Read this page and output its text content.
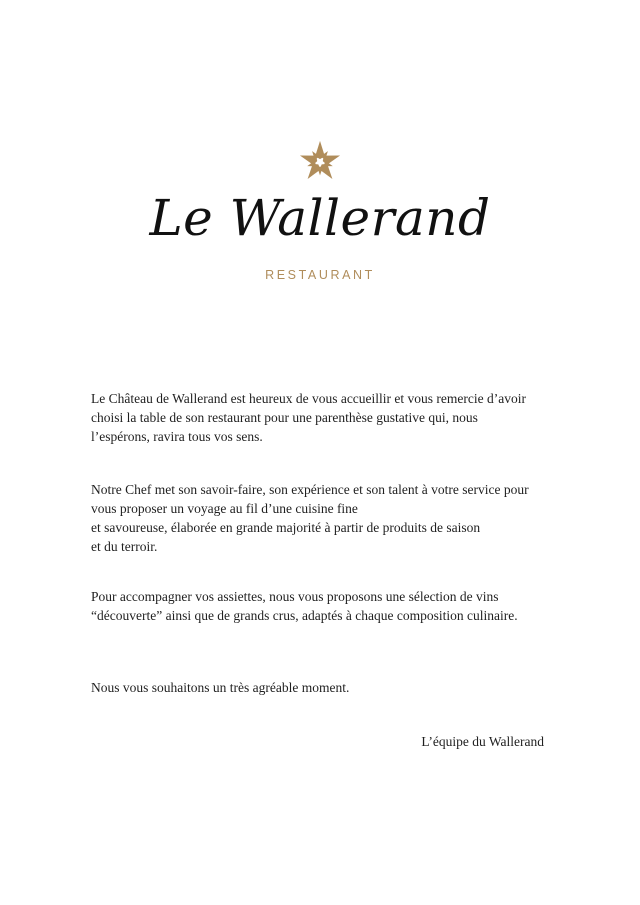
Le Wallerand
RESTAURANT

Le Château de Wallerand est heureux de vous accueillir et vous remercie d’avoir
choisi la table de son restaurant pour une parenthèse gustative qui, nous
l’espérons, ravira tous vos sens.

Notre Chef met son savoir-faire, son expérience et son talent à votre service pour
vous proposer un voyage au fil d’une cuisine fine
et savoureuse, élaborée en grande majorité à partir de produits de saison
et du terroir.

Pour accompagner vos assiettes, nous vous proposons une sélection de vins
“découverte” ainsi que de grands crus, adaptés à chaque composition culinaire.

Nous vous souhaitons un très agréable moment.

L’équipe du Wallerand
